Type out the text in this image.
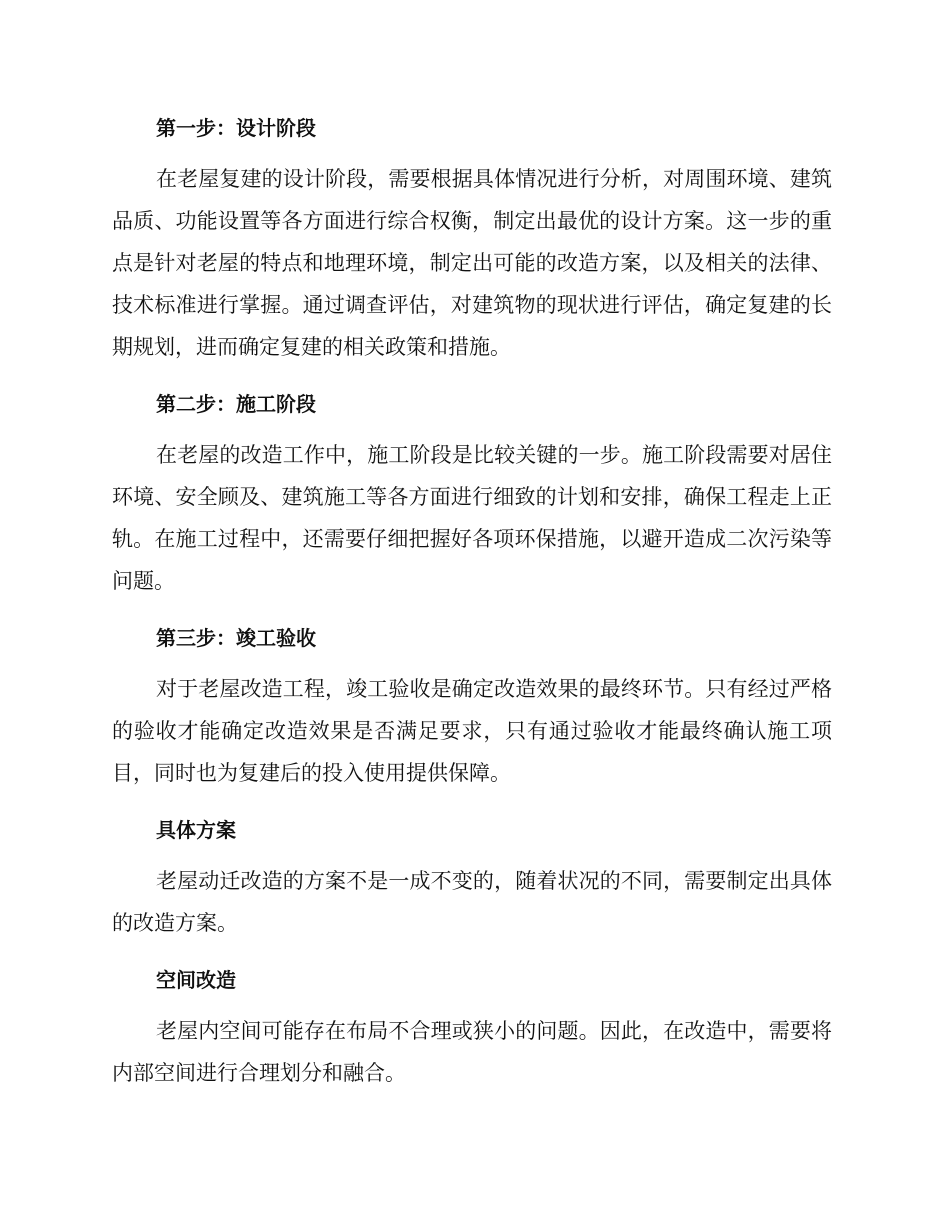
第一步：设计阶段

在老屋复建的设计阶段，需要根据具体情况进行分析，对周围环境、建筑品质、功能设置等各方面进行综合权衡，制定出最优的设计方案。这一步的重点是针对老屋的特点和地理环境，制定出可能的改造方案，以及相关的法律、技术标准进行掌握。通过调查评估，对建筑物的现状进行评估，确定复建的长期规划，进而确定复建的相关政策和措施。

第二步：施工阶段

在老屋的改造工作中，施工阶段是比较关键的一步。施工阶段需要对居住环境、安全顾及、建筑施工等各方面进行细致的计划和安排，确保工程走上正轨。在施工过程中，还需要仔细把握好各项环保措施，以避开造成二次污染等问题。

第三步：竣工验收

对于老屋改造工程，竣工验收是确定改造效果的最终环节。只有经过严格的验收才能确定改造效果是否满足要求，只有通过验收才能最终确认施工项目，同时也为复建后的投入使用提供保障。

具体方案

老屋动迁改造的方案不是一成不变的，随着状况的不同，需要制定出具体的改造方案。

空间改造

老屋内空间可能存在布局不合理或狭小的问题。因此，在改造中，需要将内部空间进行合理划分和融合。
